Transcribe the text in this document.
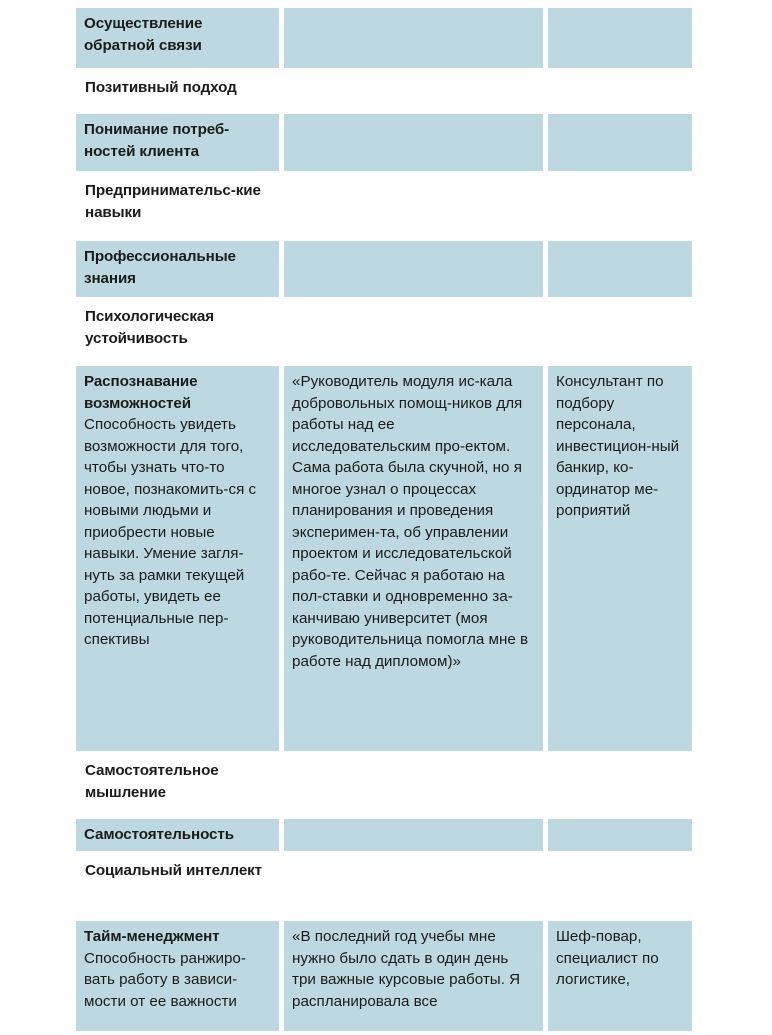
Осуществление обратной связи
Позитивный подход
Понимание потреб-ностей клиента
Предпринимательс-кие навыки
Профессиональные знания
Психологическая устойчивость
Распознавание возможностей
Способность увидеть возможности для того, чтобы узнать что-то новое, познакомить-ся с новыми людьми и приобрести новые навыки. Умение загля-нуть за рамки текущей работы, увидеть ее потенциальные пер-спективы
«Руководитель модуля ис-кала добровольных помощ-ников для работы над ее исследовательским про-ектом. Сама работа была скучной, но я многое узнал о процессах планирования и проведения эксперимен-та, об управлении проектом и исследовательской рабо-те. Сейчас я работаю на пол-ставки и одновременно за-канчиваю университет (моя руководительница помогла мне в работе над дипломом)»
Консультант по подбору персонала, инвестицион-ный банкир, ко-ординатор ме-роприятий
Самостоятельное мышление
Самостоятельность
Социальный интеллект
Тайм-менеджмент
Способность ранжиро-вать работу в зависи-мости от ее важности
«В последний год учебы мне нужно было сдать в один день три важные курсовые работы. Я распланировала все
Шеф-повар, специалист по логистике,
